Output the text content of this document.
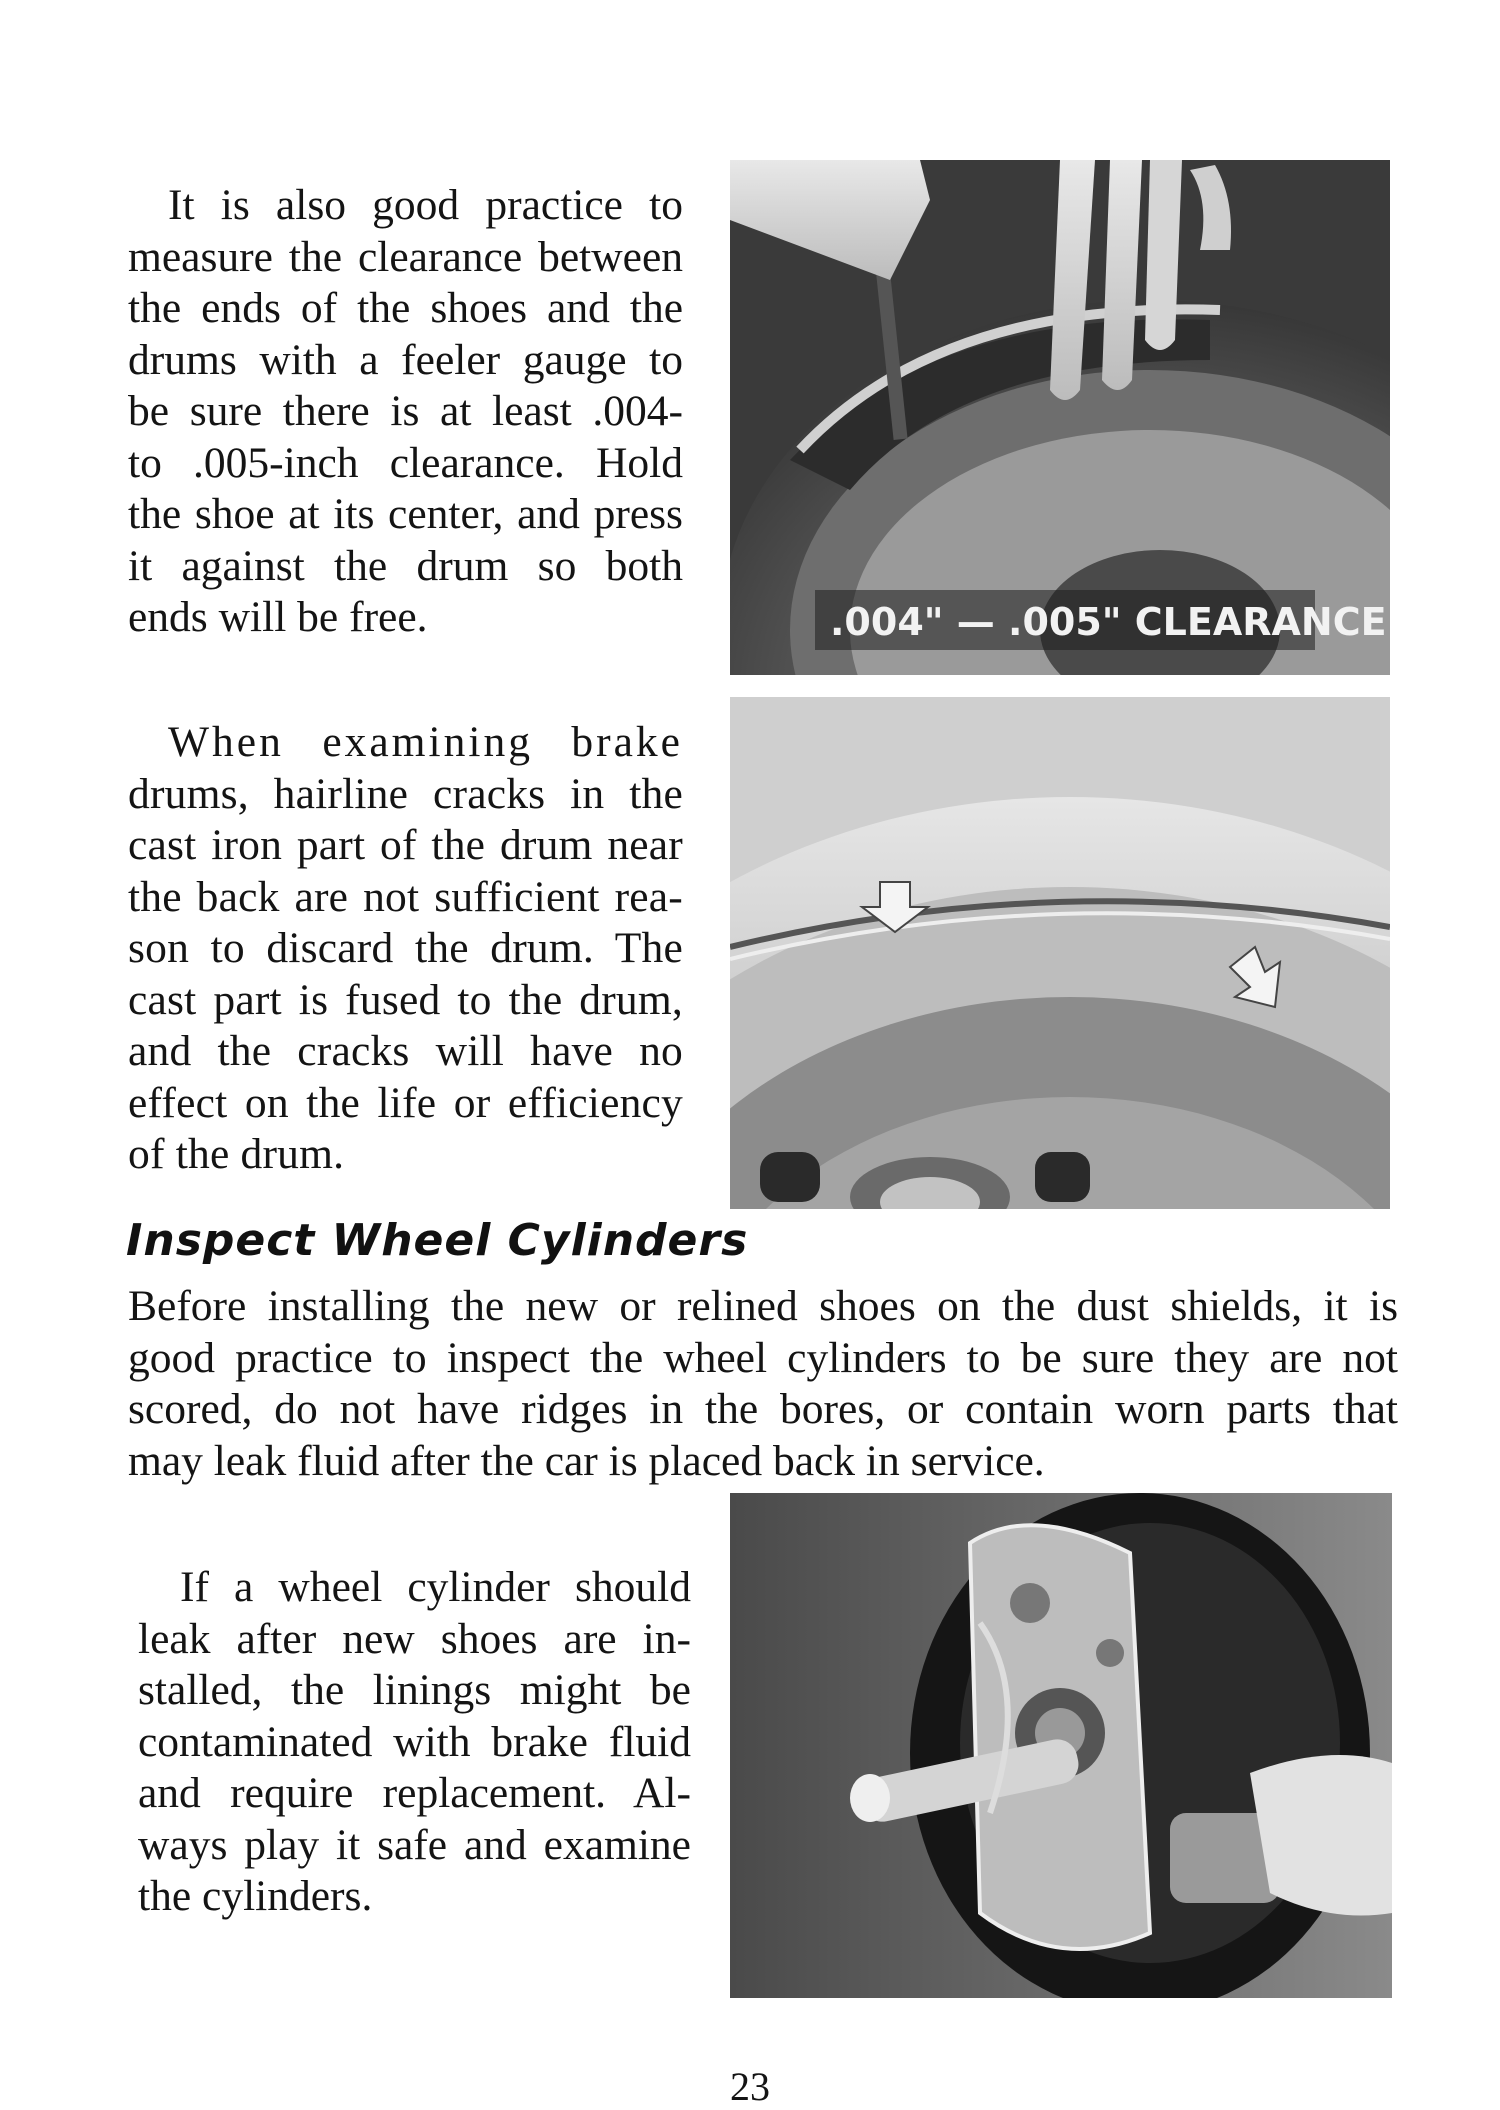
It is also good practice to
measure the clearance between
the ends of the shoes and the
drums with a feeler gauge to
be sure there is at least .004-
to .005-inch clearance. Hold
the shoe at its center, and press
it against the drum so both
ends will be free.	.004" — .005" CLEARANCE
When examining brake
drums, hairline cracks in the
cast iron part of the drum near
the back are not sufficient rea-
son to discard the drum. The
cast part is fused to the drum,
and the cracks will have no
effect on the life or efficiency
of the drum.
Inspect Wheel Cylinders
Before installing the new or relined shoes on the dust shields, it is
good practice to inspect the wheel cylinders to be sure they are not
scored, do not have ridges in the bores, or contain worn parts that
may leak fluid after the car is placed back in service.
If a wheel cylinder should
leak after new shoes are in-
stalled, the linings might be
contaminated with brake fluid
and require replacement. Al-
ways play it safe and examine
the cylinders.
23
